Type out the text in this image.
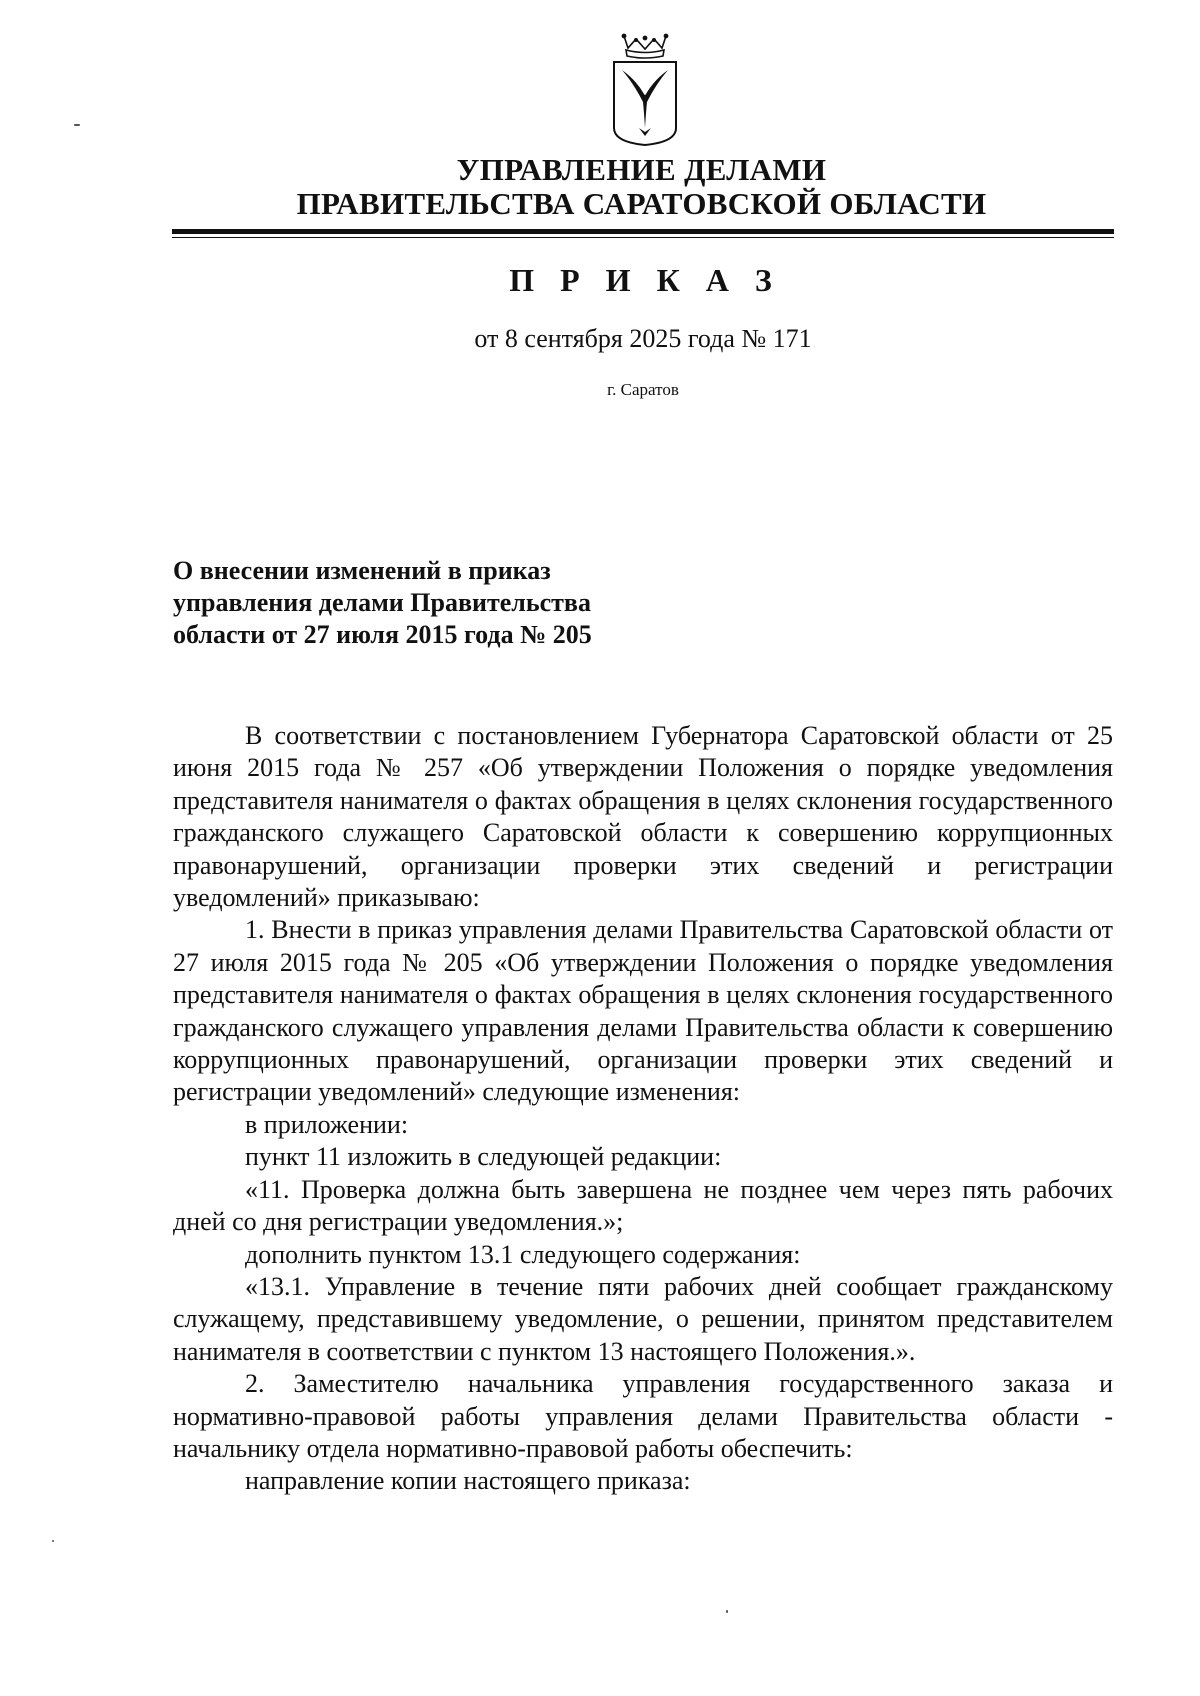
УПРАВЛЕНИЕ ДЕЛАМИ
ПРАВИТЕЛЬСТВА САРАТОВСКОЙ ОБЛАСТИ
П Р И К А З
от 8 сентября 2025 года № 171
г. Саратов
О внесении изменений в приказ
управления делами Правительства
области от 27 июля 2015 года № 205

В соответствии с постановлением Губернатора Саратовской области от 25 июня 2015 года № 257 «Об утверждении Положения о порядке уведомления представителя нанимателя о фактах обращения в целях склонения государственного гражданского служащего Саратовской области к совершению коррупционных правонарушений, организации проверки этих сведений и регистрации уведомлений» приказываю:

1. Внести в приказ управления делами Правительства Саратовской области от 27 июля 2015 года № 205 «Об утверждении Положения о порядке уведомления представителя нанимателя о фактах обращения в целях склонения государственного гражданского служащего управления делами Правительства области к совершению коррупционных правонарушений, организации проверки этих сведений и регистрации уведомлений» следующие изменения:

в приложении:

пункт 11 изложить в следующей редакции:

«11. Проверка должна быть завершена не позднее чем через пять рабочих дней со дня регистрации уведомления.»;

дополнить пунктом 13.1 следующего содержания:

«13.1. Управление в течение пяти рабочих дней сообщает гражданскому служащему, представившему уведомление, о решении, принятом представителем нанимателя в соответствии с пунктом 13 настоящего Положения.».

2. Заместителю начальника управления государственного заказа и нормативно-правовой работы управления делами Правительства области - начальнику отдела нормативно-правовой работы обеспечить:

направление копии настоящего приказа:
